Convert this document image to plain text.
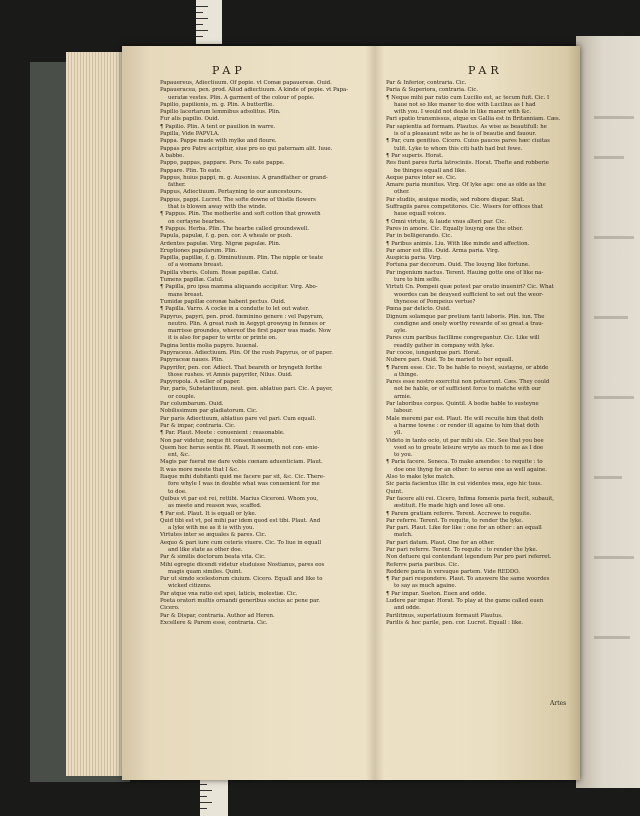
PAP	PAR
Papauereus, Adiectiuum. Of popie. vt Comæ papauereæ. Ouid.
Papaueracea, pen. prod. Aliud adiectiuum. A kinde of popie. vt Papa-
ueratæ vestes. Plin. A garment of the colour of popie.
Papilio, papilionis, m. g. Plin. A butterflie.
Papilio lacertarum lemmibus adsolitus. Plin.
Fur alis papilio. Ouid.
¶ Papilio. Plin. A tent or pauilion in warre.
Papilla, Vide PAPVLA.
Pappa. Pappe made with mylke and floure.
Pappas pro Patre accipitur, siue pro eo qui paternam alit. Iuue.
A babbe.
Pappo, pappas, pappare. Pers. To eate pappe.
Pappare. Plin. To eate.
Pappus, huius pappi, m. g. Ausonius. A grandfather or grand-
father.
Pappus, Adiectiuum. Pertayning to our auncestours.
Pappus, pappi. Lucret. The softe downe of thistle flowers
that is blowen away with the winde.
¶ Pappus. Plin. The motherlie and soft cotton that groweth
on certayne bearbes.
¶ Pappus. Herba. Plin. The hearbe called groundswell.
Papula, papulæ, f. g. pen. cor. A wheale or push.
Ardentes papulæ. Virg. Nigræ papulæ. Plin.
Eruptiones papularum. Plin.
Papilla, papillæ, f. g. Diminutiuum. Plin. The nipple or teate
of a womans breast.
Papilla vberis. Colum. Rosæ papillæ. Catul.
Tumens papillæ. Catul.
¶ Papilla, pro ipsa mamma aliquando accipitur. Virg. Abo-
mans breast.
Tumidæ papillæ coronæ habent pectus. Ouid.
¶ Papilla. Varro. A cocke in a conduite to let out water.
Papyrus, papyri, pen. prod. fœminino genere : vel Papyrum,
neutro. Plin. A great rush in Aegypt growyng in fennes or
marrisse groundes, whereof the first paper was made. Now
it is also for paper to write or printe on.
Pagina lentis molia papyro. Iuuenal.
Papyraceus. Adiectiuum. Plin. Of the rush Papyrus, or of paper.
Papyraceæ naues. Plin.
Papyrifer, pen. cor. Adiect. That beareth or bryngeth forthe
those rushes. vt Amnis papyrifer, Nilus. Ouid.
Papyropola. A seller of paper.
Par, paris, Substantiuum, neut. gen. ablatiuo pari. Cic. A payer,
or couple.
Par columbarum. Ouid.
Nobilissimum par gladiatorum. Cic.
Par paris Adiectiuum, ablatiuo pare vel pari. Cum equall.
Par & impar, contraria. Cic.
¶ Par. Plaut. Meete : conuenient : reasonable.
Non par videtur, neque fit consentaneum,
Quem hoc herus sentis fit. Plaut. It seemeth not con- enie-
ent, &c.
Magis par fuerat me dare vobis cœnam aduenticiam. Plaut.
It was more meete that I &c.
Itaque mihi dubitanti quid me facere par sit, &c. Cic. There-
fore whyle I was in doubte what was conuenient for me
to doe.
Quibus vt par est rei, rettibi. Marius Ciceroni. Whom you,
as meete and reason was, scaffed.
¶ Par est. Plaut. It is equall or lyke.
Quid tibi est vt, pol mihi par idem quod est tibi. Plaut. And
a lyke with me as it is with you.
Virtutes inter se æquales & pares. Cic.
Aequo & pari iure cum ceteris viuere. Cic. To liue in equall
and like state as other doe.
Par & similis doctorum beata vita. Cic.
Mihi egregie dicendi videtur studuisse Nostianus, pares eos
magis quam similes. Quint.
Par ut simdo scelestorum ciuium. Cicero. Equall and like to
wicked citizens.
Par atque vna ratio est spei, laticis, molestiæ. Cic.
Poeta oratori multis ornandi generibus socius ac pene par.
Cicero.
Par & Dispar, contraria. Author ad Heren.
Excellere & Parem esse, contraria. Cic.
Par & Inferior, contraria. Cic.
Paria & Superiora, contraria. Cic.
¶ Neque mihi par ratio cum Lucilio est, ac tecum fuit. Cic. I
haue not so like maner to doe with Lucilius as I had
with you. I would not deale in like maner with &c.
Pari spatio transmissus, atque ex Gallia est in Britanniam. Cæs.
Par sapientia ad formam. Plautus. As wise as beautifull: he
is of a pleasaunt wite as he is of beautie and fauour.
¶ Par, cum genitiuo. Cicero. Cuius paucos pares hæc ciuitas
tulit. Lyke to whom this citi hath had but fewe.
¶ Par superis. Horat.
Res fiunt pares furta latrociniis. Horat. Thefte and robberie
be thinges equall and like.
Aeque pares inter se. Cic.
Amare paria munitus. Virg. Of lyke age: one as olde as the
other.
Par studiis, æuique modis, sed robore dispar. Stat.
Suffragiis pares competitores. Cic. Wisers for offices that
haue equall voices.
¶ Omni virtute, & laude vnus alteri par. Cic.
Pares in amore. Cic. Equally louyng one the other.
Par in belligerando. Cic.
¶ Paribus animis. Liu. With like minde and affection.
Par amor est illis. Ouid. Arma paria. Virg.
Auspicia paria. Virg.
Fortuna par decorum. Ouid. The louyng like fortune.
Par ingenium nactus. Terent. Hauing gotte one of like na-
ture to him selfe.
Virtuti Cn. Pompeii quæ potest par oratio inueniri? Cic. What
woordes can be deuysed sufficient to set out the weor-
thynesse of Pompeius vertue?
Pœna par delicto. Ouid.
Dignum solamque par pretium tanti laboris. Plin. iun. The
condigne and onely worthy rewarde of so great a trau-
ayle.
Pares cum paribus facillime congregantur. Cic. Like will
readily gather in company with lyke.
Par cocoe, iungantque pari. Horat.
Nubere pari. Ouid. To be maried to her equall.
¶ Parem esse. Cic. To be hable to resyst, sustayne, or abide
a thinge.
Pares esse nostro exercitui non potuerunt. Cæs. They could
not be hable, or of sufficient force to matche with our
armie.
Par laboribus corpus. Quintil. A bodie hable to susteyne
labour.
Male meremi par est. Plaut. He will recuite him that doth
a harme towne : or render ill againe to him that doth
yll.
Videto in tanto ocio, ut par mihi sis. Cic. See that you bee
vsed so to greate leisure wryte as much to me as I doe
to you.
¶ Paria facere. Seneca. To make amendes : to requite : to
doe one thyng for an other: to serue one as well againe.
Also to make lyke match.
Sic paria facientus illic in cui videntes mea, ego hic tuus.
Quint.
Par facere alii rei. Cicero, Infima fomenis paria fecit, subauit,
æstituit. He made high and lowe all one.
¶ Parem gratiam referre. Terent. Accrewe to requite.
Par referre. Terent. To requite, to render the lyke.
Par pari. Plaut. Like for like : one for an other : an equall
match.
Par pari datum. Plaut. One for an other.
Par pari referre. Terent. To requite : to render the lyke.
Non defuere qui contendant legendum Par pro pari referret.
Referre paria paribus. Cic.
Reddere paria in versuque partem. Vide REDDO.
¶ Par pari respondere. Plaut. To answere the same woordes
to say as much againe.
¶ Par impar. Sueton. Euen and odde.
Ludere par impar. Horat. To play at the game called euen
and odde.
Parilitmus, superlatiuum formauit Plautus.
Parilis & hoc parile, pen. cor. Lucret. Equall : like.
Artes
